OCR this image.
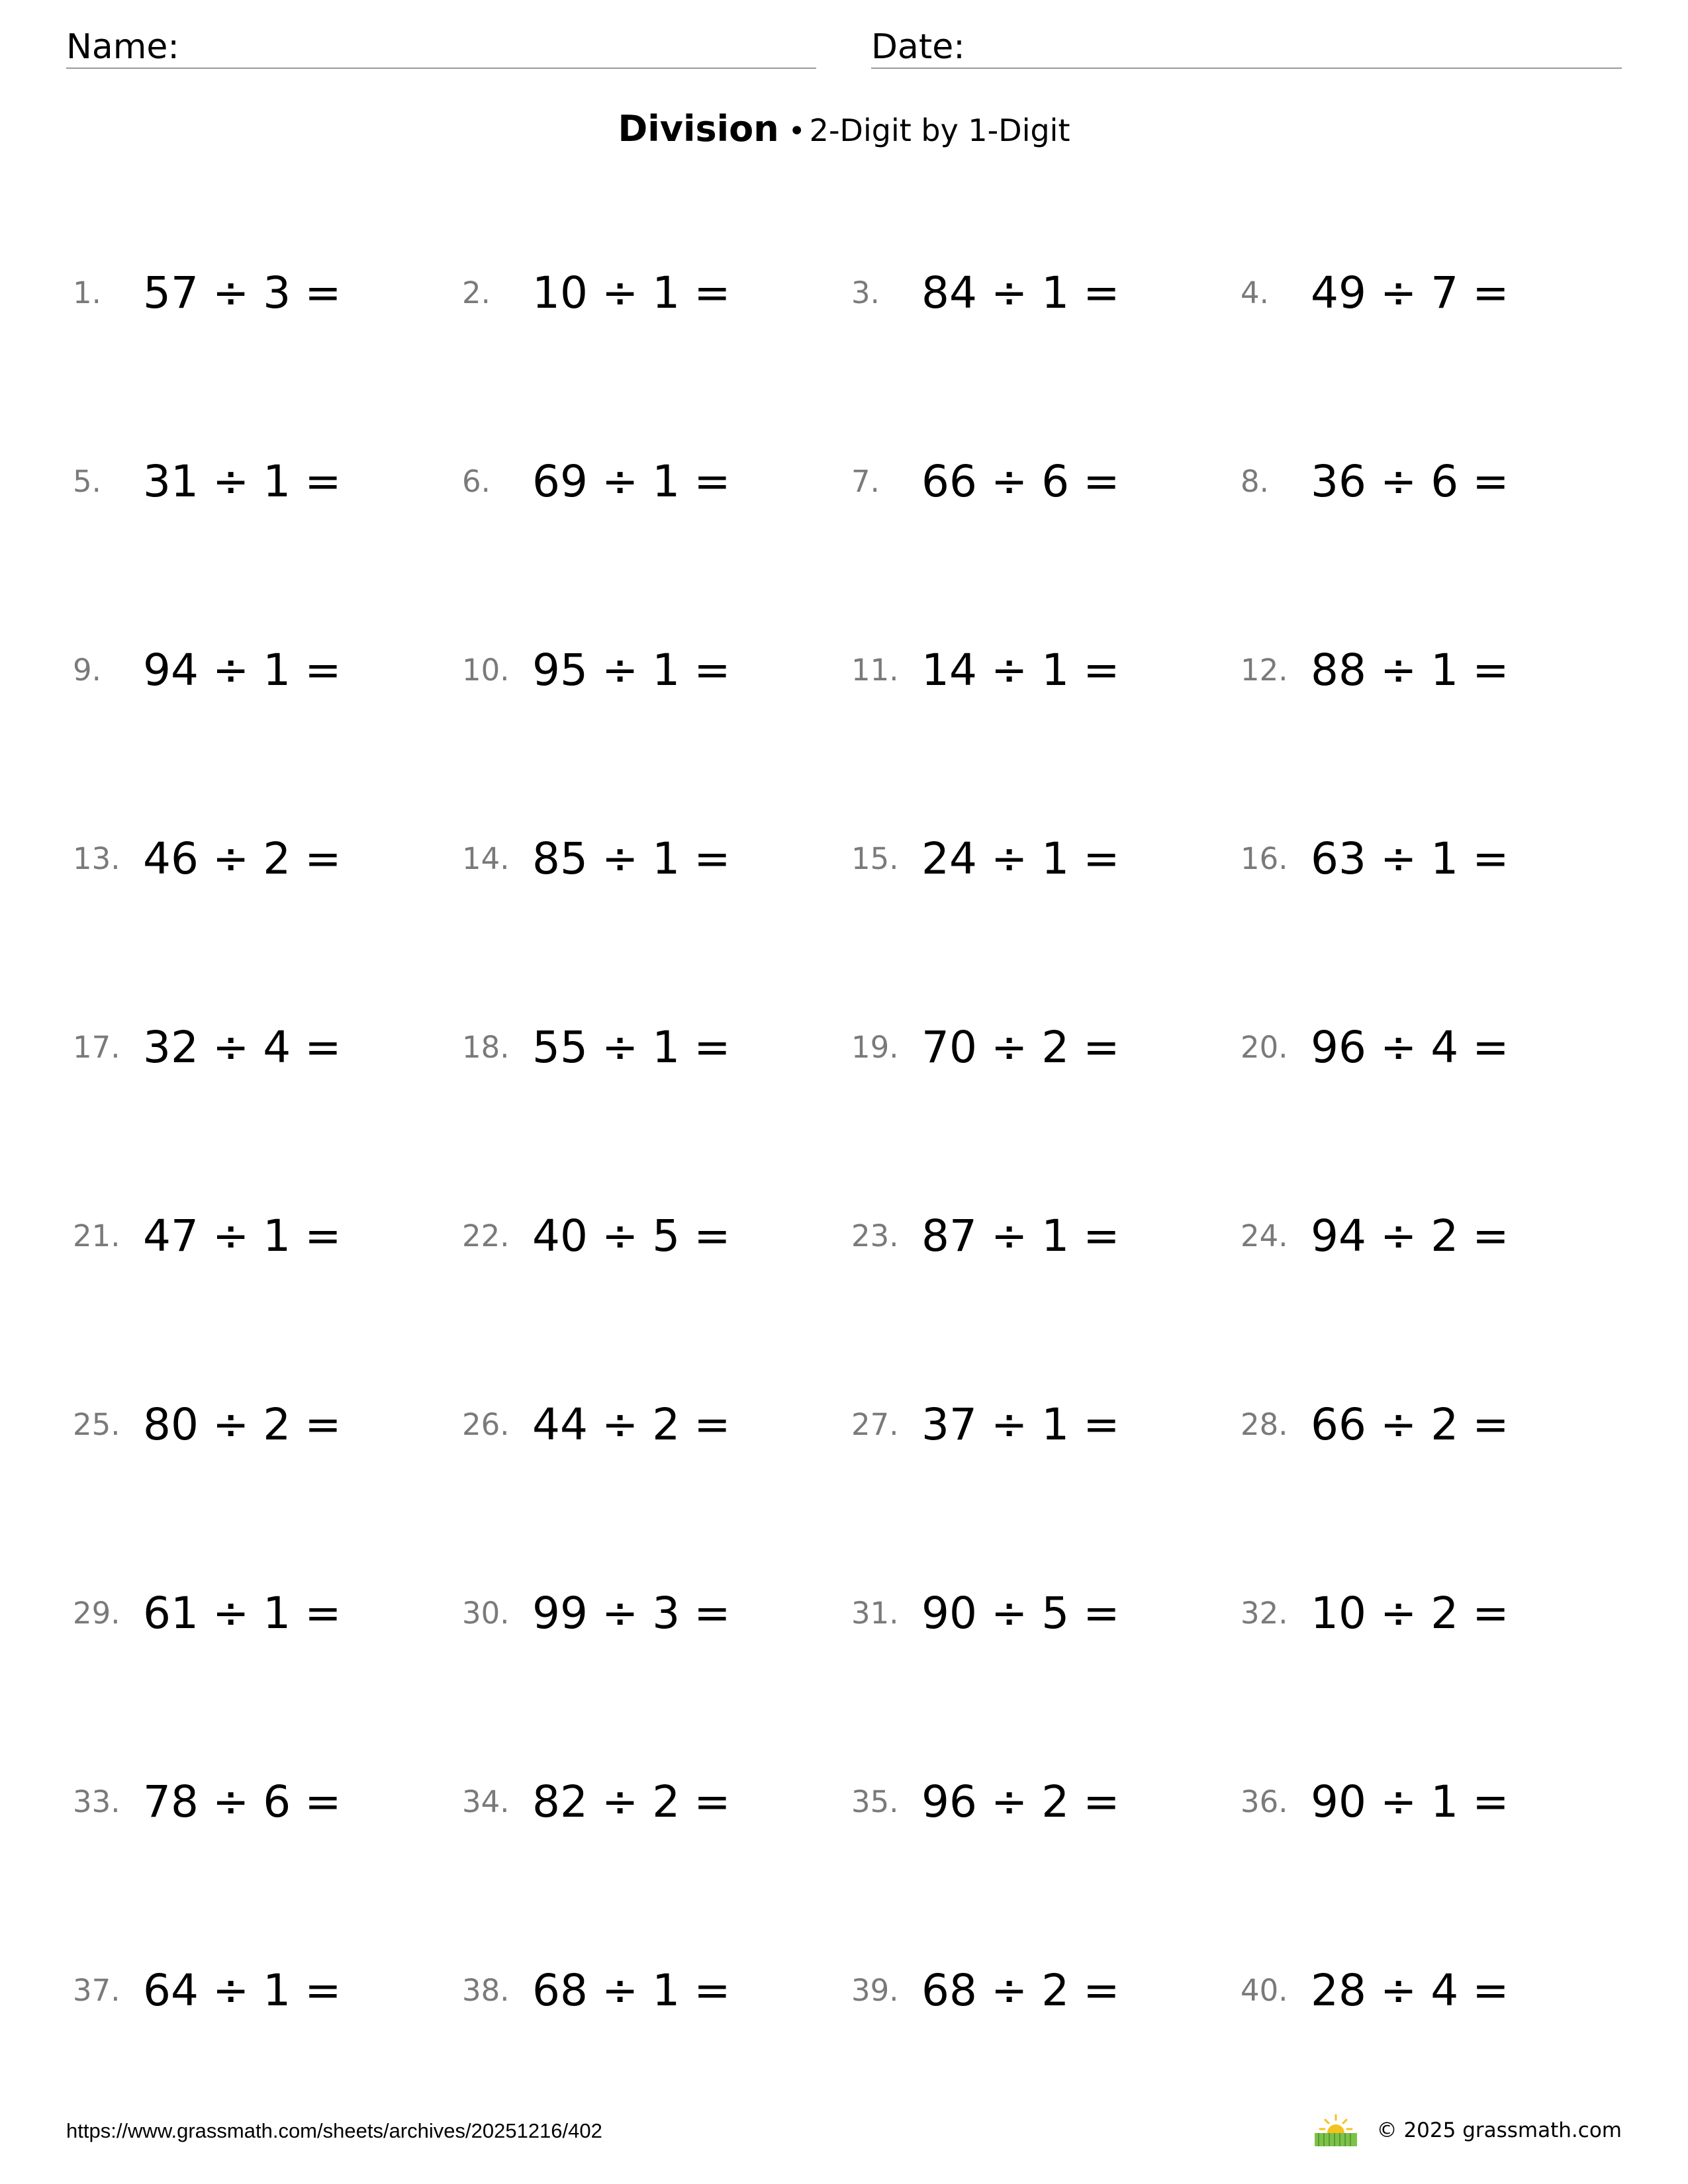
Name:	Date:
Division • 2-Digit by 1-Digit
1. 57 ÷ 3 =	2. 10 ÷ 1 =	3. 84 ÷ 1 =	4. 49 ÷ 7 =
5. 31 ÷ 1 =	6. 69 ÷ 1 =	7. 66 ÷ 6 =	8. 36 ÷ 6 =
9. 94 ÷ 1 =	10. 95 ÷ 1 =	11. 14 ÷ 1 =	12. 88 ÷ 1 =
13. 46 ÷ 2 =	14. 85 ÷ 1 =	15. 24 ÷ 1 =	16. 63 ÷ 1 =
17. 32 ÷ 4 =	18. 55 ÷ 1 =	19. 70 ÷ 2 =	20. 96 ÷ 4 =
21. 47 ÷ 1 =	22. 40 ÷ 5 =	23. 87 ÷ 1 =	24. 94 ÷ 2 =
25. 80 ÷ 2 =	26. 44 ÷ 2 =	27. 37 ÷ 1 =	28. 66 ÷ 2 =
29. 61 ÷ 1 =	30. 99 ÷ 3 =	31. 90 ÷ 5 =	32. 10 ÷ 2 =
33. 78 ÷ 6 =	34. 82 ÷ 2 =	35. 96 ÷ 2 =	36. 90 ÷ 1 =
37. 64 ÷ 1 =	38. 68 ÷ 1 =	39. 68 ÷ 2 =	40. 28 ÷ 4 =
https://www.grassmath.com/sheets/archives/20251216/402	© 2025 grassmath.com
